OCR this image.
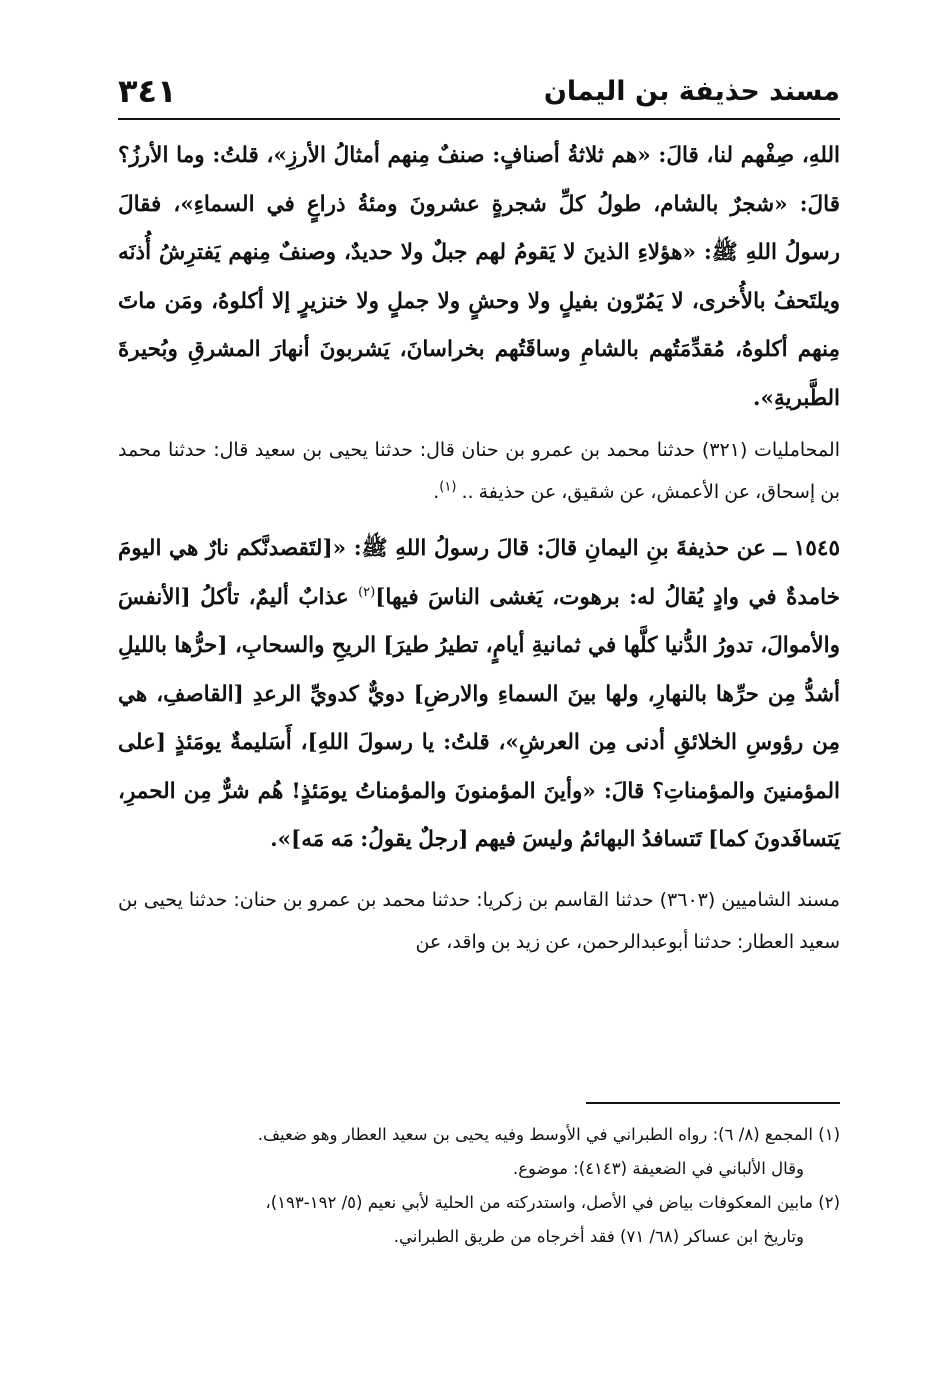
مسند حذيفة بن اليمان
٣٤١

اللهِ، صِفْهم لنا، قالَ: «هم ثلاثةُ أصنافٍ: صنفٌ مِنهم أمثالُ الأرزِ»، قلتُ: وما الأرزُ؟ قالَ: «شجرٌ بالشام، طولُ كلِّ شجرةٍ عشرونَ ومئةُ ذراعٍ في السماءِ»، فقالَ رسولُ اللهِ ﷺ: «هؤلاءِ الذينَ لا يَقومُ لهم جبلٌ ولا حديدٌ، وصنفٌ مِنهم يَفترِشُ أُذنَه ويلتَحفُ بالأُخرى، لا يَمُرّون بفيلٍ ولا وحشٍ ولا جملٍ ولا خنزيرٍ إلا أكلوهُ، ومَن ماتَ مِنهم أكلوهُ، مُقدِّمَتُهم بالشامِ وساقَتُهم بخراسانَ، يَشربونَ أنهارَ المشرقِ وبُحيرةَ الطَّبريةِ».

المحامليات (٣٢١) حدثنا محمد بن عمرو بن حنان قال: حدثنا يحيى بن سعيد قال: حدثنا محمد بن إسحاق، عن الأعمش، عن شقيق، عن حذيفة .. $^{(١)}$.

١٥٤٥ ــ عن حذيفةَ بنِ اليمانِ قالَ: قالَ رسولُ اللهِ ﷺ: «[لتَقصدنَّكم نارٌ هي اليومَ خامدةٌ في وادٍ يُقالُ له: برهوت، يَغشى الناسَ فيها]$^{(٢)}$ عذابٌ أليمٌ، تأكلُ [الأنفسَ والأموالَ، تدورُ الدُّنيا كلَّها في ثمانيةِ أيامٍ، تطيرُ طيرَ] الريحِ والسحابِ، [حرُّها بالليلِ أشدُّ مِن حرِّها بالنهارِ، ولها بينَ السماءِ والارضِ] دويٌّ كدويِّ الرعدِ [القاصفِ، هي مِن رؤوسِ الخلائقِ أدنى مِن العرشِ»، قلتُ: يا رسولَ اللهِ]، أَسَليمةٌ يومَئذٍ [على المؤمنينَ والمؤمناتِ؟ قالَ: «وأينَ المؤمنونَ والمؤمناتُ يومَئذٍ! هُم شرٌّ مِن الحمرِ، يَتسافَدونَ كما] تَتسافدُ البهائمُ وليسَ فيهم [رجلٌ يقولُ: مَه مَه]».

مسند الشاميين (٣٦٠٣) حدثنا القاسم بن زكريا: حدثنا محمد بن عمرو بن حنان: حدثنا يحيى بن سعيد العطار: حدثنا أبوعبدالرحمن، عن زيد بن واقد، عن

(١) المجمع (٨/ ٦): رواه الطبراني في الأوسط وفيه يحيى بن سعيد العطار وهو ضعيف.
وقال الألباني في الضعيفة (٤١٤٣): موضوع.

(٢) مابين المعكوفات بياض في الأصل، واستدركته من الحلية لأبي نعيم (٥/ ١٩٢-١٩٣)،
وتاريخ ابن عساكر (٦٨/ ٧١) فقد أخرجاه من طريق الطبراني.
